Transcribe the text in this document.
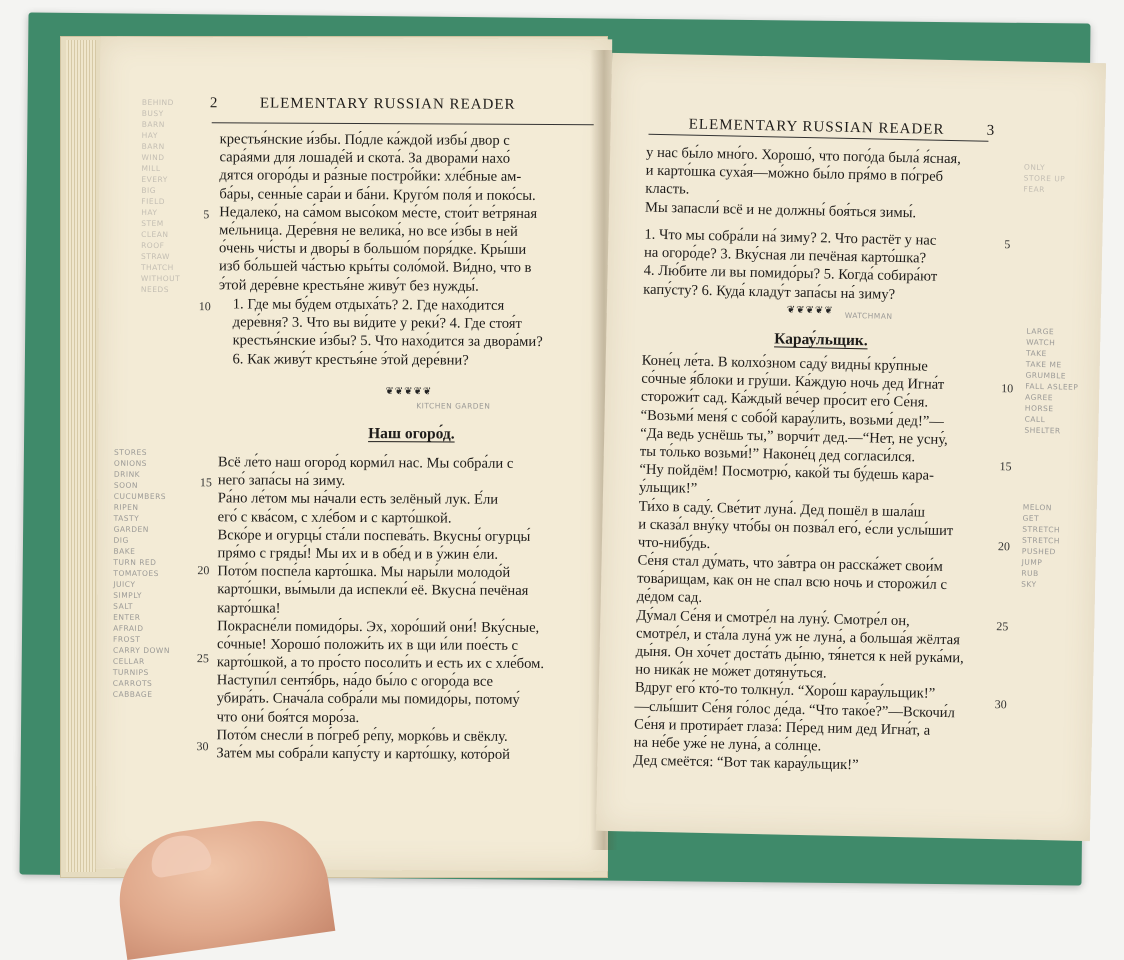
2	ELEMENTARY RUSSIAN READER
крестья́нские и́збы. По́дле ка́ждой избы́ двор с
сара́ями для лошаде́й и скота́. За дворами́ нахо́
дятся огоро́ды и ра́зные постро́йки: хле́бные ам-
ба́ры, сенны́е сара́и и ба́ни. Круго́м поля́ и поко́сы.
Недалеко́, на са́мом высо́ком ме́сте, стои́т ве́тряная
ме́льница. Дере́вня не велика́, но все и́збы в ней
о́чень чи́сты и дворы́ в большо́м поря́дке. Кры́ши
изб бо́льшей ча́стью кры́ты соло́мой. Ви́дно, что в
э́той дере́вне крестья́не живу́т без нужды́.
5
1. Где мы бу́дем отдыха́ть? 2. Где нахо́дится
дере́вня? 3. Что вы ви́дите у реки́? 4. Где стоя́т
крестья́нские и́збы? 5. Что нахо́дится за двора́ми?
6. Как живу́т крестья́не э́той дере́вни?
10
❦❦❦❦❦
KITCHEN GARDEN
Наш огоро́д.
Всё ле́то наш огоро́д корми́л нас. Мы собра́ли с
него́ запа́сы на́ зиму.
Ра́но ле́том мы на́чали есть зелёный лук. Е́ли
его́ с ква́сом, с хле́бом и с карто́шкой.
Вско́ре и огурцы́ ста́ли поспева́ть. Вкусны́ огурцы́
пря́мо с гряды́! Мы их и в обе́д и в у́жин е́ли.
Пото́м поспе́ла карто́шка. Мы нары́ли молодо́й
карто́шки, вы́мыли да испекли́ её. Вкусна́ печёная
карто́шка!
Покрасне́ли помидо́ры. Эх, хоро́ший они́! Вку́сные,
со́чные! Хорошо́ положи́ть их в щи и́ли пое́сть с
карто́шкой, а то про́сто посоли́ть и есть их с хле́бом.
Наступи́л сентя́брь, на́до бы́ло с огоро́да все
убира́ть. Снача́ла собра́ли мы помидо́ры, потому́
что они́ боя́тся моро́за.
Пото́м снесли́ в по́греб ре́пу, морко́вь и свёклу.
Зате́м мы собра́ли капу́сту и карто́шку, кото́рой
15
20
25
30
BEHIND
BUSY
BARN
HAY
BARN
WIND
MILL
EVERY
BIG
FIELD
HAY
STEM
CLEAN
ROOF
STRAW
THATCH
WITHOUT
NEEDS
STORES
ONIONS
DRINK
SOON
CUCUMBERS
RIPEN
TASTY
GARDEN
DIG
BAKE
TURN RED
TOMATOES
JUICY
SIMPLY
SALT
ENTER
AFRAID
FROST
CARRY DOWN
CELLAR
TURNIPS
CARROTS
CABBAGE
ELEMENTARY RUSSIAN READER	3
у нас бы́ло мно́го. Хорошо́, что пого́да была́ я́сная,
и карто́шка суха́я—мо́жно бы́ло пря́мо в по́греб
класть.
Мы запасли́ всё и не должны́ боя́ться зимы́.
1. Что мы собра́ли на́ зиму? 2. Что растёт у нас
на огоро́де? 3. Вку́сная ли печёная карто́шка?
4. Лю́бите ли вы помидо́ры? 5. Когда́ собира́ют
капу́сту? 6. Куда́ кладу́т запа́сы на́ зиму?
5
❦❦❦❦❦ WATCHMAN
Карау́льщик.
Коне́ц ле́та. В колхо́зном саду́ видны́ кру́пные
со́чные я́блоки и гру́ши. Ка́ждую ночь дед Игна́т
сторожи́т сад. Ка́ждый ве́чер про́сит его́ Се́ня.
“Возьми́ меня́ с собо́й карау́лить, возьми́ дед!”—
“Да ведь уснёшь ты,” ворчи́т дед.—“Нет, не усну́,
ты то́лько возьми́!” Наконе́ц дед согласи́лся.
“Ну пойдём! Посмотрю́, како́й ты бу́дешь кара-
у́льщик!”
Ти́хо в саду́. Све́тит луна́. Дед пошёл в шала́ш
и сказа́л вну́ку что́бы он позва́л его́, е́сли услы́шит
что-нибу́дь.
Се́ня стал ду́мать, что за́втра он расска́жет свои́м
това́рищам, как он не спал всю ночь и сторожи́л с
де́дом сад.
Ду́мал Се́ня и смотре́л на луну́. Смотре́л он,
смотре́л, и ста́ла луна́ уж не луна́, а больша́я жёлтая
ды́ня. Он хо́чет доста́ть ды́ню, тя́нется к ней рука́ми,
но ника́к не мо́жет дотяну́ться.
Вдруг его́ кто́-то толкну́л. “Хоро́ш карау́льщик!”
—слы́шит Се́ня го́лос де́да. “Что тако́е?”—Вскочи́л
Се́ня и протира́ет глаза́: Пе́ред ним дед Игна́т, а
на не́бе уже́ не луна́, а со́лнце.
Дед смеётся: “Вот так карау́льщик!”
10
15
20
25
30
ONLY
STORE UP
FEAR
LARGE
WATCH
TAKE
TAKE ME
GRUMBLE
FALL ASLEEP
AGREE
HORSE
CALL
SHELTER
MELON
GET
STRETCH
STRETCH
PUSHED
JUMP
RUB
SKY
